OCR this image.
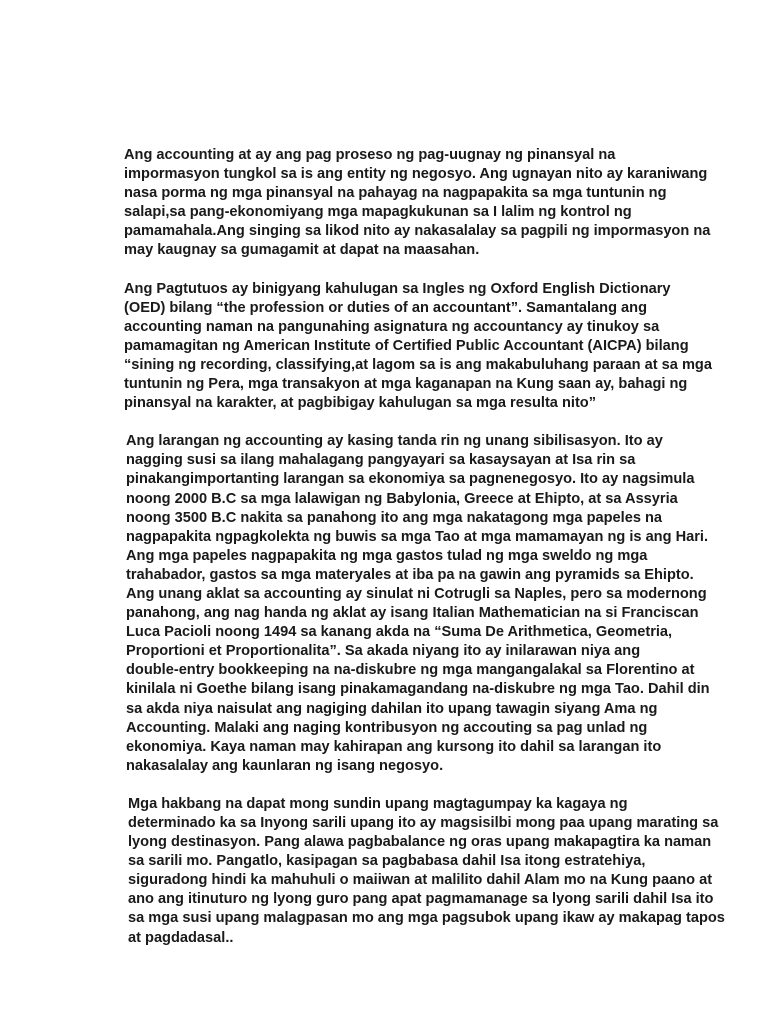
Ang accounting at ay ang pag proseso ng pag-uugnay ng pinansyal na
impormasyon tungkol sa is ang entity ng negosyo. Ang ugnayan nito ay karaniwang
nasa porma ng mga pinansyal na pahayag na nagpapakita sa mga tuntunin ng
salapi,sa pang-ekonomiyang mga mapagkukunan sa I lalim ng kontrol ng
pamamahala.Ang singing sa likod nito ay nakasalalay sa pagpili ng impormasyon na
may kaugnay sa gumagamit at dapat na maasahan.

Ang Pagtutuos ay binigyang kahulugan sa Ingles ng Oxford English Dictionary
(OED) bilang “the profession or duties of an accountant”. Samantalang ang
accounting naman na pangunahing asignatura ng accountancy ay tinukoy sa
pamamagitan ng American Institute of Certified Public Accountant (AICPA) bilang
“sining ng recording, classifying,at lagom sa is ang makabuluhang paraan at sa mga
tuntunin ng Pera, mga transakyon at mga kaganapan na Kung saan ay, bahagi ng
pinansyal na karakter, at pagbibigay kahulugan sa mga resulta nito”

Ang larangan ng accounting ay kasing tanda rin ng unang sibilisasyon. Ito ay
nagging susi sa ilang mahalagang pangyayari sa kasaysayan at Isa rin sa
pinakangimportanting larangan sa ekonomiya sa pagnenegosyo. Ito ay nagsimula
noong 2000 B.C sa mga lalawigan ng Babylonia, Greece at Ehipto, at sa Assyria
noong 3500 B.C nakita sa panahong ito ang mga nakatagong mga papeles na
nagpapakita ngpagkolekta ng buwis sa mga Tao at mga mamamayan ng is ang Hari.
Ang mga papeles nagpapakita ng mga gastos tulad ng mga sweldo ng mga
trahabador, gastos sa mga materyales at iba pa na gawin ang pyramids sa Ehipto.
Ang unang aklat sa accounting ay sinulat ni Cotrugli sa Naples, pero sa modernong
panahong, ang nag handa ng aklat ay isang Italian Mathematician na si Franciscan
Luca Pacioli noong 1494 sa kanang akda na “Suma De Arithmetica, Geometria,
Proportioni et Proportionalita”. Sa akada niyang ito ay inilarawan niya ang
double-entry bookkeeping na na-diskubre ng mga mangangalakal sa Florentino at
kinilala ni Goethe bilang isang pinakamagandang na-diskubre ng mga Tao. Dahil din
sa akda niya naisulat ang nagiging dahilan ito upang tawagin siyang Ama ng
Accounting. Malaki ang naging kontribusyon ng accouting sa pag unlad ng
ekonomiya. Kaya naman may kahirapan ang kursong ito dahil sa larangan ito
nakasalalay ang kaunlaran ng isang negosyo.

Mga hakbang na dapat mong sundin upang magtagumpay ka kagaya ng
determinado ka sa Inyong sarili upang ito ay magsisilbi mong paa upang marating sa
lyong destinasyon. Pang alawa pagbabalance ng oras upang makapagtira ka naman
sa sarili mo. Pangatlo, kasipagan sa pagbabasa dahil Isa itong estratehiya,
siguradong hindi ka mahuhuli o maiiwan at malilito dahil Alam mo na Kung paano at
ano ang itinuturo ng lyong guro pang apat pagmamanage sa lyong sarili dahil Isa ito
sa mga susi upang malagpasan mo ang mga pagsubok upang ikaw ay makapag tapos
at pagdadasal..
